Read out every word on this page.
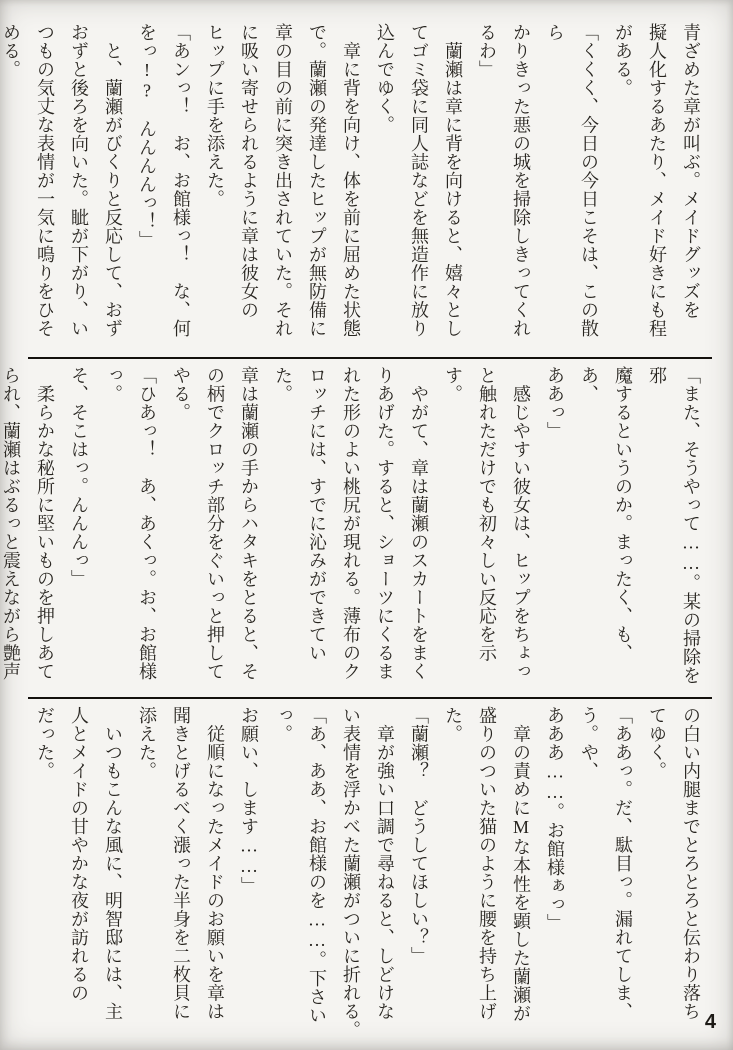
青ざめた章が叫ぶ。メイドグッズを

擬人化するあたり、メイド好きにも程

がある。

「くくく、今日の今日こそは、この散ら

かりきった悪の城を掃除しきってくれ

るわ」

　蘭瀬は章に背を向けると、嬉々とし

てゴミ袋に同人誌などを無造作に放り

込んでゆく。

　章に背を向け、体を前に屈めた状態

で。蘭瀬の発達したヒップが無防備に

章の目の前に突き出されていた。それ

に吸い寄せられるように章は彼女の

ヒップに手を添えた。

「あンっ！　お、お館様っ！　な、何

をっ!?　んんんんっ！」

　と、蘭瀬がびくりと反応して、おず

おずと後ろを向いた。眦が下がり、い

つもの気丈な表情が一気に鳴りをひそ

める。

「また、そうやって……。某の掃除を邪

魔するというのか。まったく、も、あ、

ああっ」

　感じやすい彼女は、ヒップをちょっ

と触れただけでも初々しい反応を示す。

　やがて、章は蘭瀬のスカートをまく

りあげた。すると、ショーツにくるま

れた形のよい桃尻が現れる。薄布のク

ロッチには、すでに沁みができていた。

章は蘭瀬の手からハタキをとると、そ

の柄でクロッチ部分をぐいっと押して

やる。

「ひあっ！　あ、あくっ。お、お館様っ。

そ、そこはっ。んんんっ」

　柔らかな秘所に堅いものを押しあて

られ、蘭瀬はぶるっと震えながら艶声

の白い内腿までとろとろと伝わり落ち

てゆく。

「ああっ。だ、駄目っ。漏れてしま、う。や、

あああ……。お館様ぁっ」

　章の責めにMな本性を顕した蘭瀬が

盛りのついた猫のように腰を持ち上げ

た。

「蘭瀬？　どうしてほしい？」

　章が強い口調で尋ねると、しどけな

い表情を浮かべた蘭瀬がついに折れる。

「あ、ああ、お館様のを……。下さいっ。

お願い、します……」

　従順になったメイドのお願いを章は

聞きとげるべく漲った半身を二枚貝に

添えた。

　いつもこんな風に、明智邸には、主

人とメイドの甘やかな夜が訪れるの

だった。

4
